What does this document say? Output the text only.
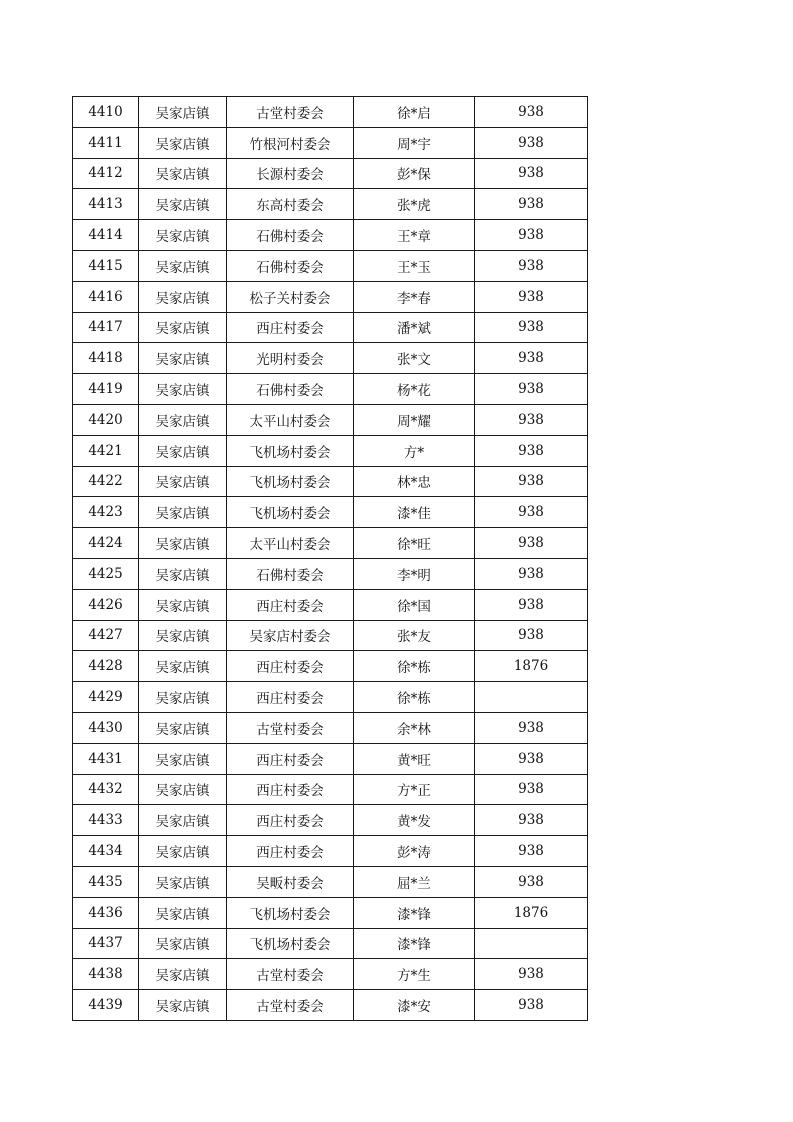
4410	吴家店镇	古堂村委会	徐*启	938
4411	吴家店镇	竹根河村委会	周*宇	938
4412	吴家店镇	长源村委会	彭*保	938
4413	吴家店镇	东高村委会	张*虎	938
4414	吴家店镇	石佛村委会	王*章	938
4415	吴家店镇	石佛村委会	王*玉	938
4416	吴家店镇	松子关村委会	李*春	938
4417	吴家店镇	西庄村委会	潘*斌	938
4418	吴家店镇	光明村委会	张*文	938
4419	吴家店镇	石佛村委会	杨*花	938
4420	吴家店镇	太平山村委会	周*耀	938
4421	吴家店镇	飞机场村委会	方*	938
4422	吴家店镇	飞机场村委会	林*忠	938
4423	吴家店镇	飞机场村委会	漆*佳	938
4424	吴家店镇	太平山村委会	徐*旺	938
4425	吴家店镇	石佛村委会	李*明	938
4426	吴家店镇	西庄村委会	徐*国	938
4427	吴家店镇	吴家店村委会	张*友	938
4428	吴家店镇	西庄村委会	徐*栋	1876
4429	吴家店镇	西庄村委会	徐*栋	
4430	吴家店镇	古堂村委会	余*林	938
4431	吴家店镇	西庄村委会	黄*旺	938
4432	吴家店镇	西庄村委会	方*正	938
4433	吴家店镇	西庄村委会	黄*发	938
4434	吴家店镇	西庄村委会	彭*涛	938
4435	吴家店镇	吴畈村委会	屈*兰	938
4436	吴家店镇	飞机场村委会	漆*锋	1876
4437	吴家店镇	飞机场村委会	漆*锋	
4438	吴家店镇	古堂村委会	方*生	938
4439	吴家店镇	古堂村委会	漆*安	938
